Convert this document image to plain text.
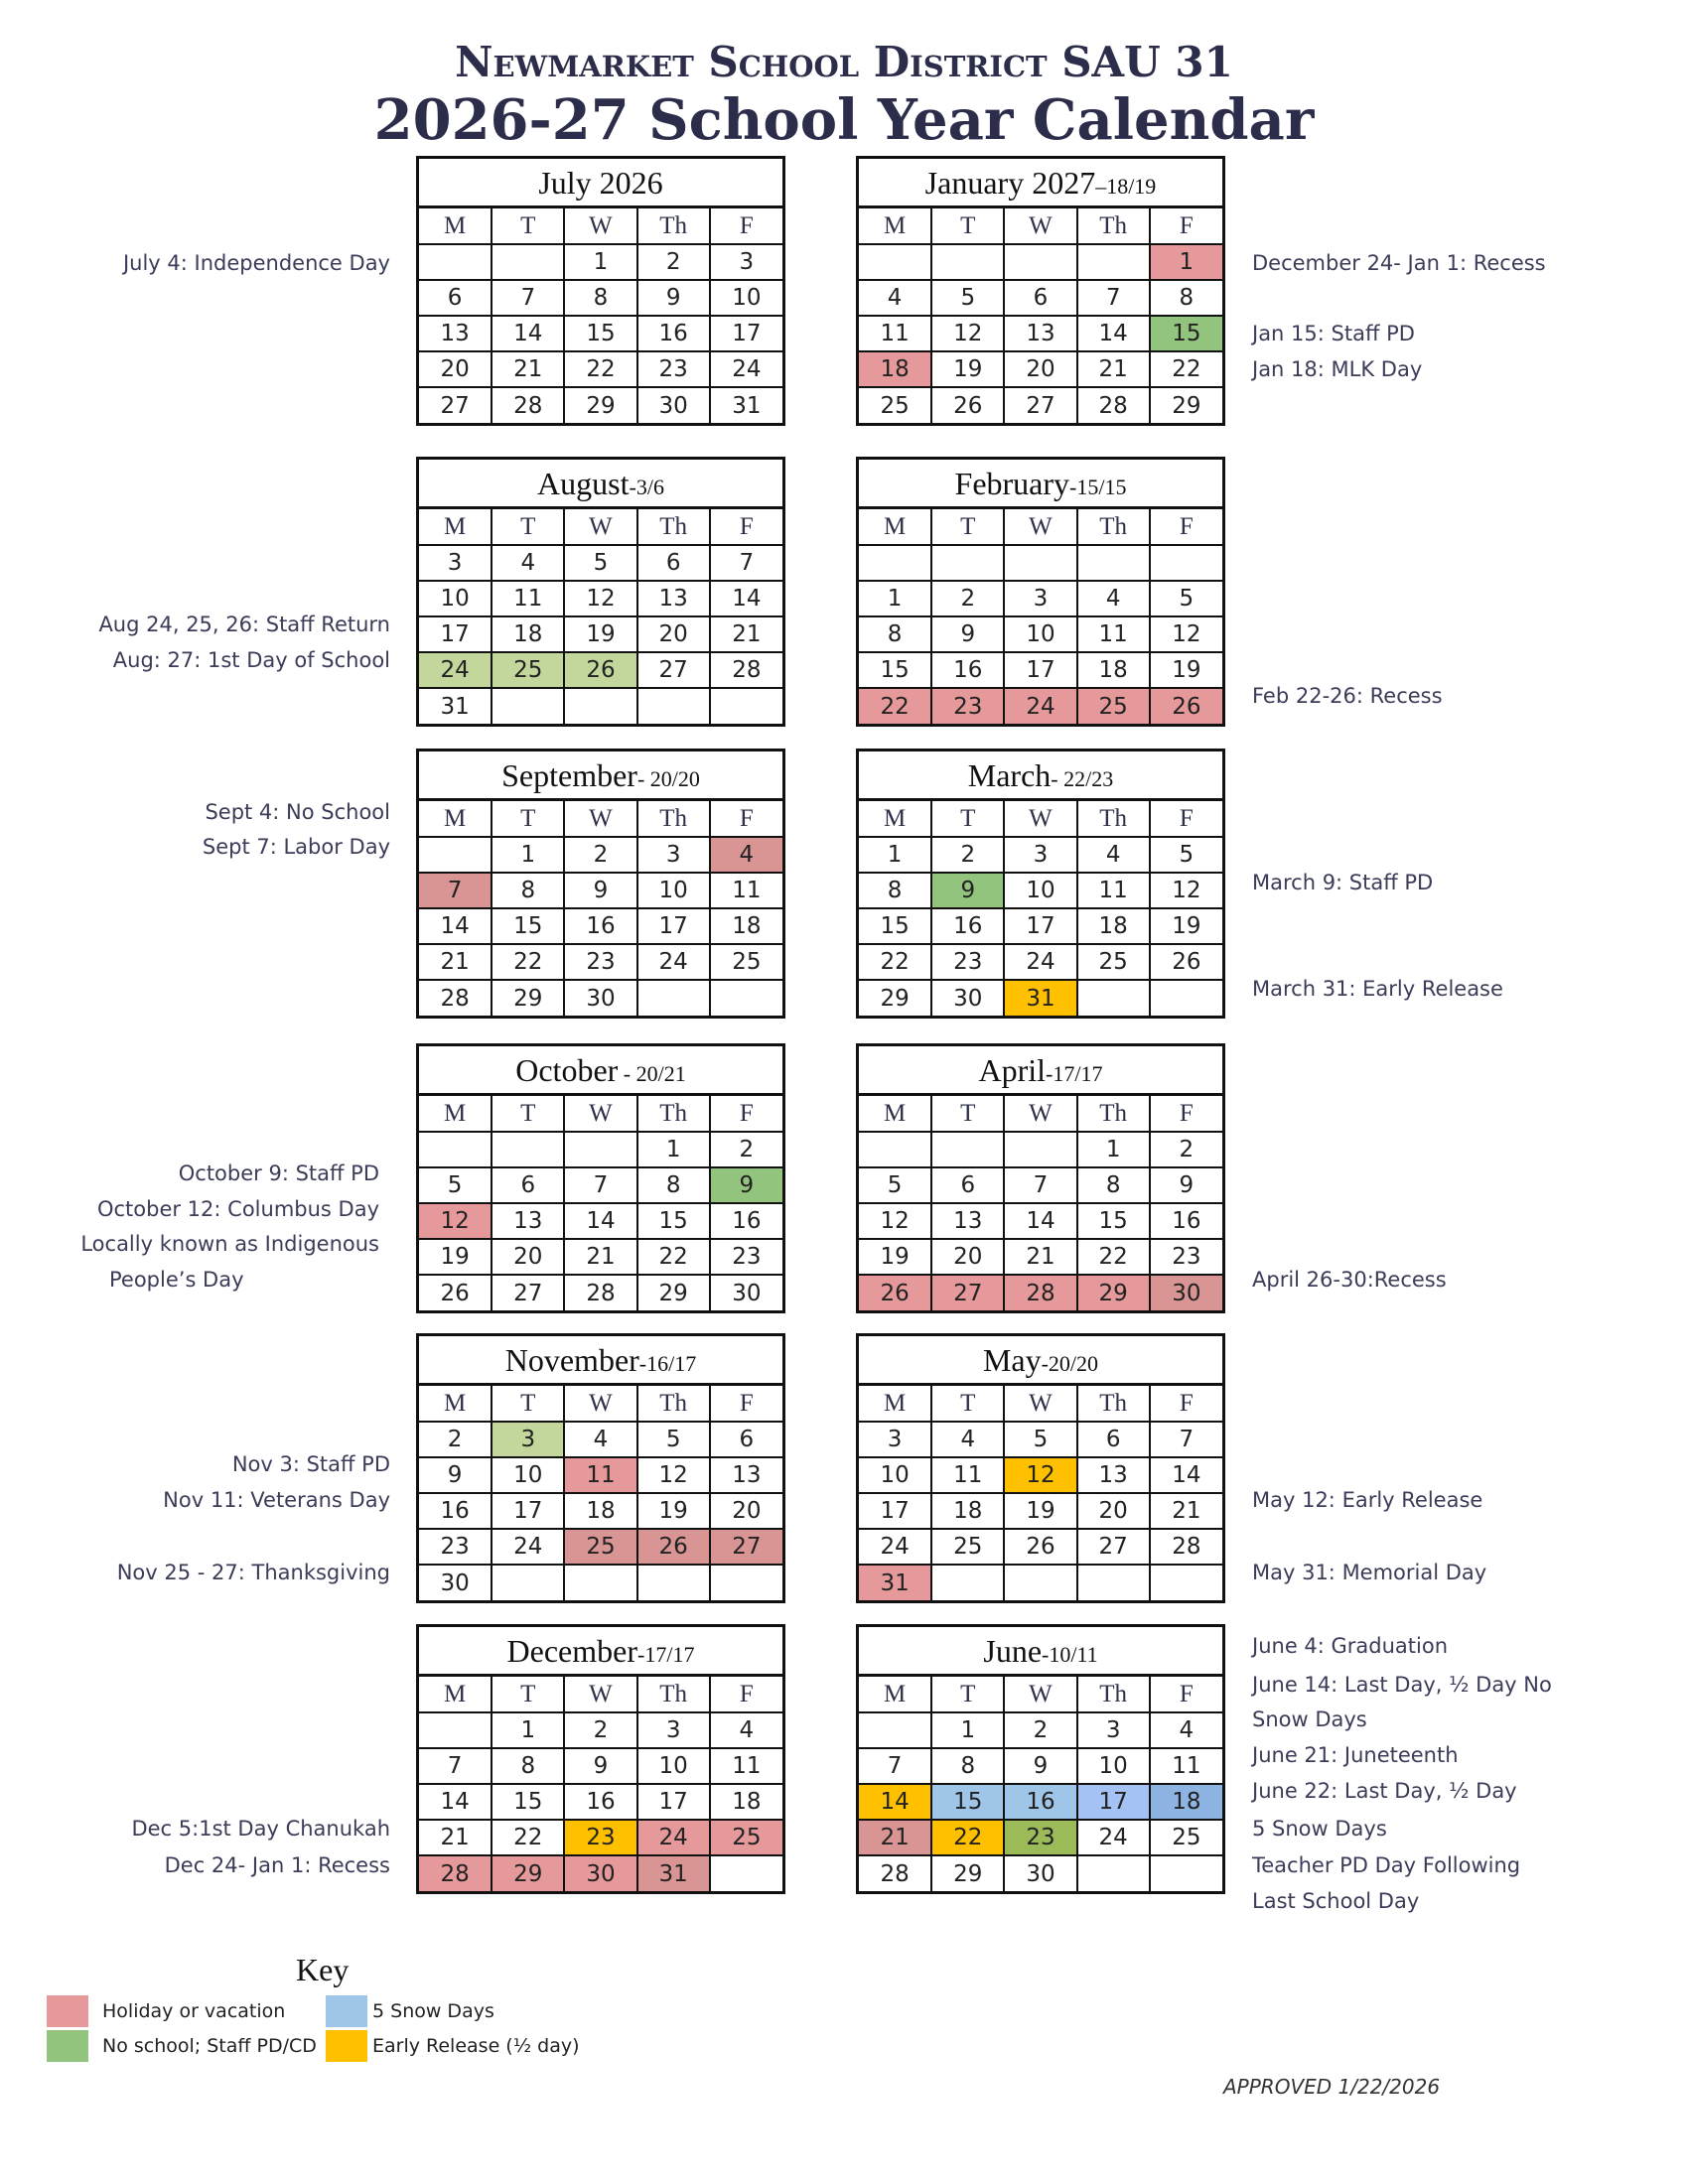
Newmarket School District SAU 31
2026-27 School Year Calendar
July 2026
M	T	W	Th	F
		1	2	3
6	7	8	9	10
13	14	15	16	17
20	21	22	23	24
27	28	29	30	31
January 2027–18/19
M	T	W	Th	F
				1
4	5	6	7	8
11	12	13	14	15
18	19	20	21	22
25	26	27	28	29
August-3/6
M	T	W	Th	F
3	4	5	6	7
10	11	12	13	14
17	18	19	20	21
24	25	26	27	28
31				
February-15/15
M	T	W	Th	F

1	2	3	4	5
8	9	10	11	12
15	16	17	18	19
22	23	24	25	26
September- 20/20
M	T	W	Th	F
	1	2	3	4
7	8	9	10	11
14	15	16	17	18
21	22	23	24	25
28	29	30		
March- 22/23
M	T	W	Th	F
1	2	3	4	5
8	9	10	11	12
15	16	17	18	19
22	23	24	25	26
29	30	31		
October - 20/21
M	T	W	Th	F
			1	2
5	6	7	8	9
12	13	14	15	16
19	20	21	22	23
26	27	28	29	30
April-17/17
M	T	W	Th	F
			1	2
5	6	7	8	9
12	13	14	15	16
19	20	21	22	23
26	27	28	29	30
November-16/17
M	T	W	Th	F
2	3	4	5	6
9	10	11	12	13
16	17	18	19	20
23	24	25	26	27
30				
May-20/20
M	T	W	Th	F
3	4	5	6	7
10	11	12	13	14
17	18	19	20	21
24	25	26	27	28
31				
December-17/17
M	T	W	Th	F
	1	2	3	4
7	8	9	10	11
14	15	16	17	18
21	22	23	24	25
28	29	30	31	
June-10/11
M	T	W	Th	F
	1	2	3	4
7	8	9	10	11
14	15	16	17	18
21	22	23	24	25
28	29	30		
July 4: Independence Day
Aug 24, 25, 26: Staff Return
Aug: 27: 1st Day of School
Sept 4: No School
Sept 7: Labor Day
October 9: Staff PD
October 12: Columbus Day
Locally known as Indigenous
People’s Day
Nov 3: Staff PD
Nov 11: Veterans Day
Nov 25 - 27: Thanksgiving
Dec 5:1st Day Chanukah
Dec 24- Jan 1: Recess
December 24- Jan 1: Recess
Jan 15: Staff PD
Jan 18: MLK Day
Feb 22-26: Recess
March 9: Staff PD
March 31: Early Release
April 26-30:Recess
May 12: Early Release
May 31: Memorial Day
June 4: Graduation
June 14: Last Day, ½ Day No
Snow Days
June 21: Juneteenth
June 22: Last Day, ½ Day
5 Snow Days
Teacher PD Day Following
Last School Day
Key
Holiday or vacation
No school; Staff PD/CD
5 Snow Days
Early Release (½ day)
APPROVED 1/22/2026
